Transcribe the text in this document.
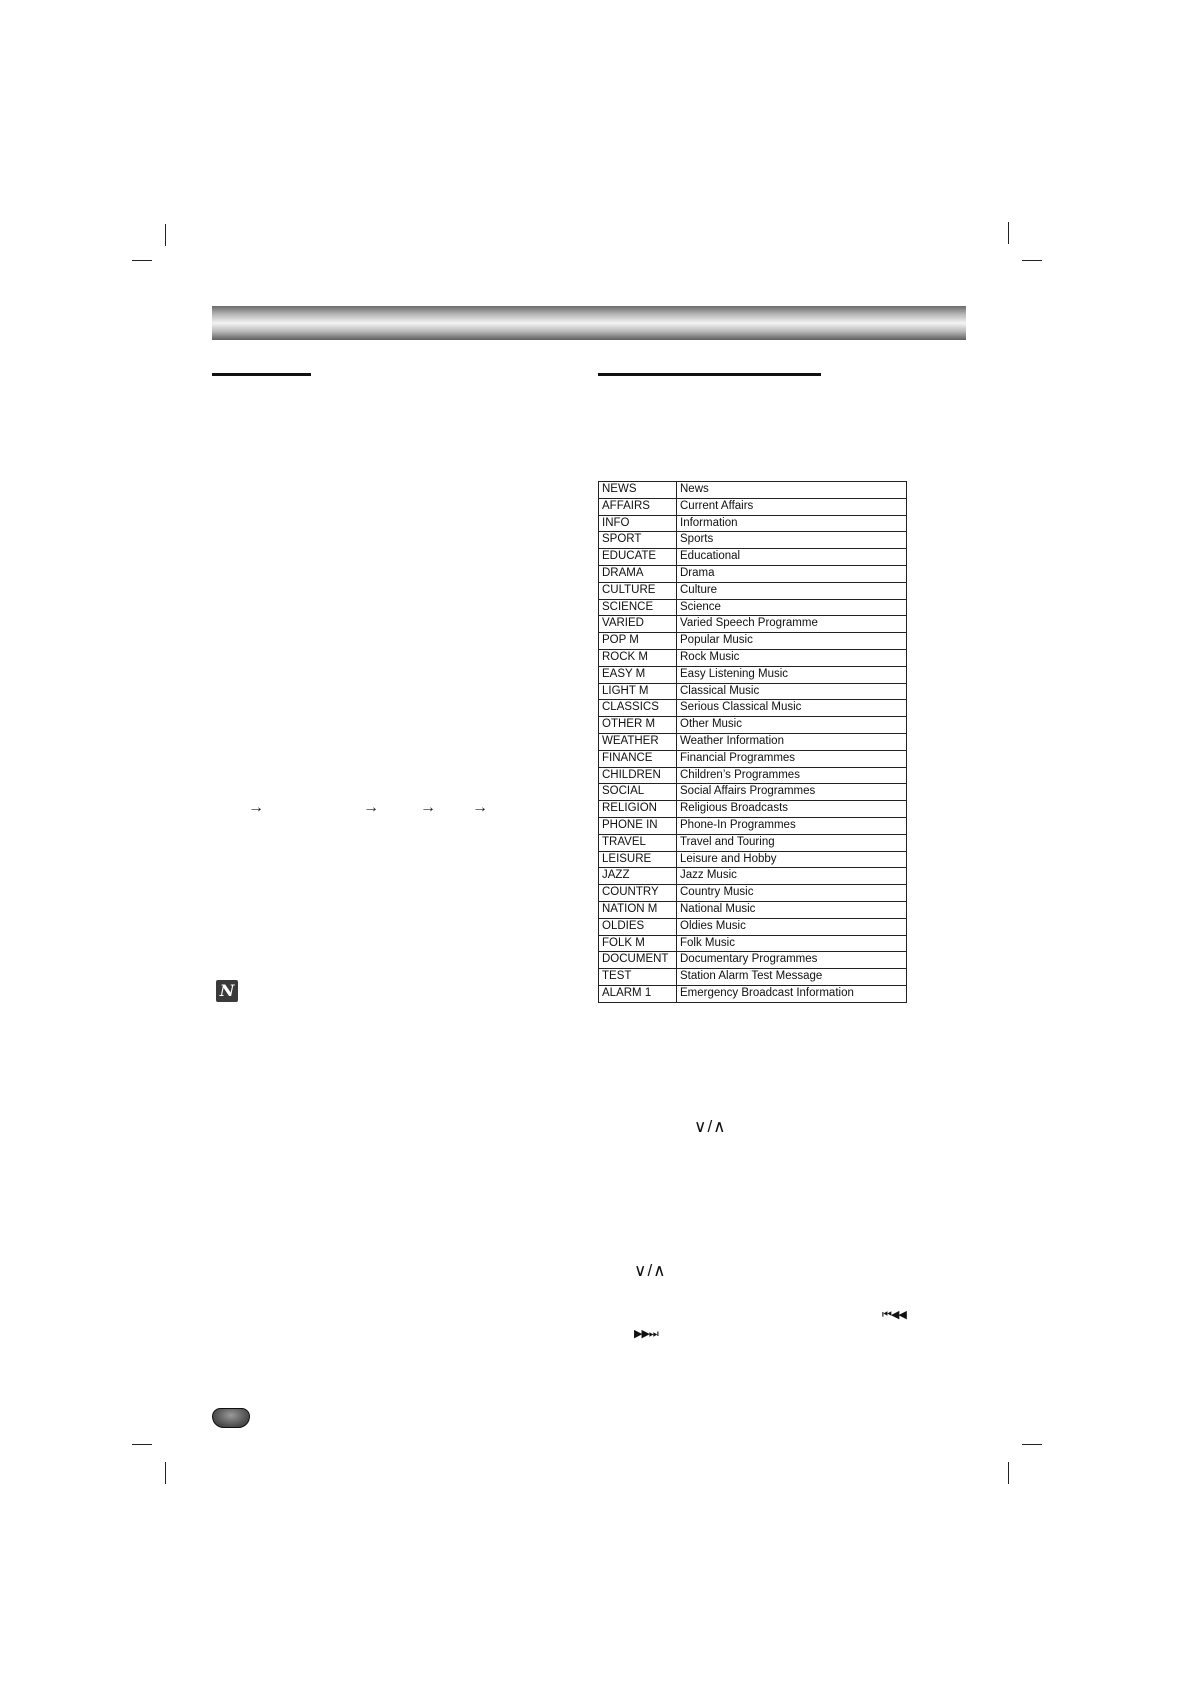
→	→	→ →
N
NEWS	News
AFFAIRS	Current Affairs
INFO	Information
SPORT	Sports
EDUCATE	Educational
DRAMA	Drama
CULTURE	Culture
SCIENCE	Science
VARIED	Varied Speech Programme
POP M	Popular Music
ROCK M	Rock Music
EASY M	Easy Listening Music
LIGHT M	Classical Music
CLASSICS	Serious Classical Music
OTHER M	Other Music
WEATHER	Weather Information
FINANCE	Financial Programmes
CHILDREN	Children’s Programmes
SOCIAL	Social Affairs Programmes
RELIGION	Religious Broadcasts
PHONE IN	Phone-In Programmes
TRAVEL	Travel and Touring
LEISURE	Leisure and Hobby
JAZZ	Jazz Music
COUNTRY	Country Music
NATION M	National Music
OLDIES	Oldies Music
FOLK M	Folk Music
DOCUMENT	Documentary Programmes
TEST	Station Alarm Test Message
ALARM 1	Emergency Broadcast Information
∨/∧
∨/∧
⏮◀◀
▶▶⏭
